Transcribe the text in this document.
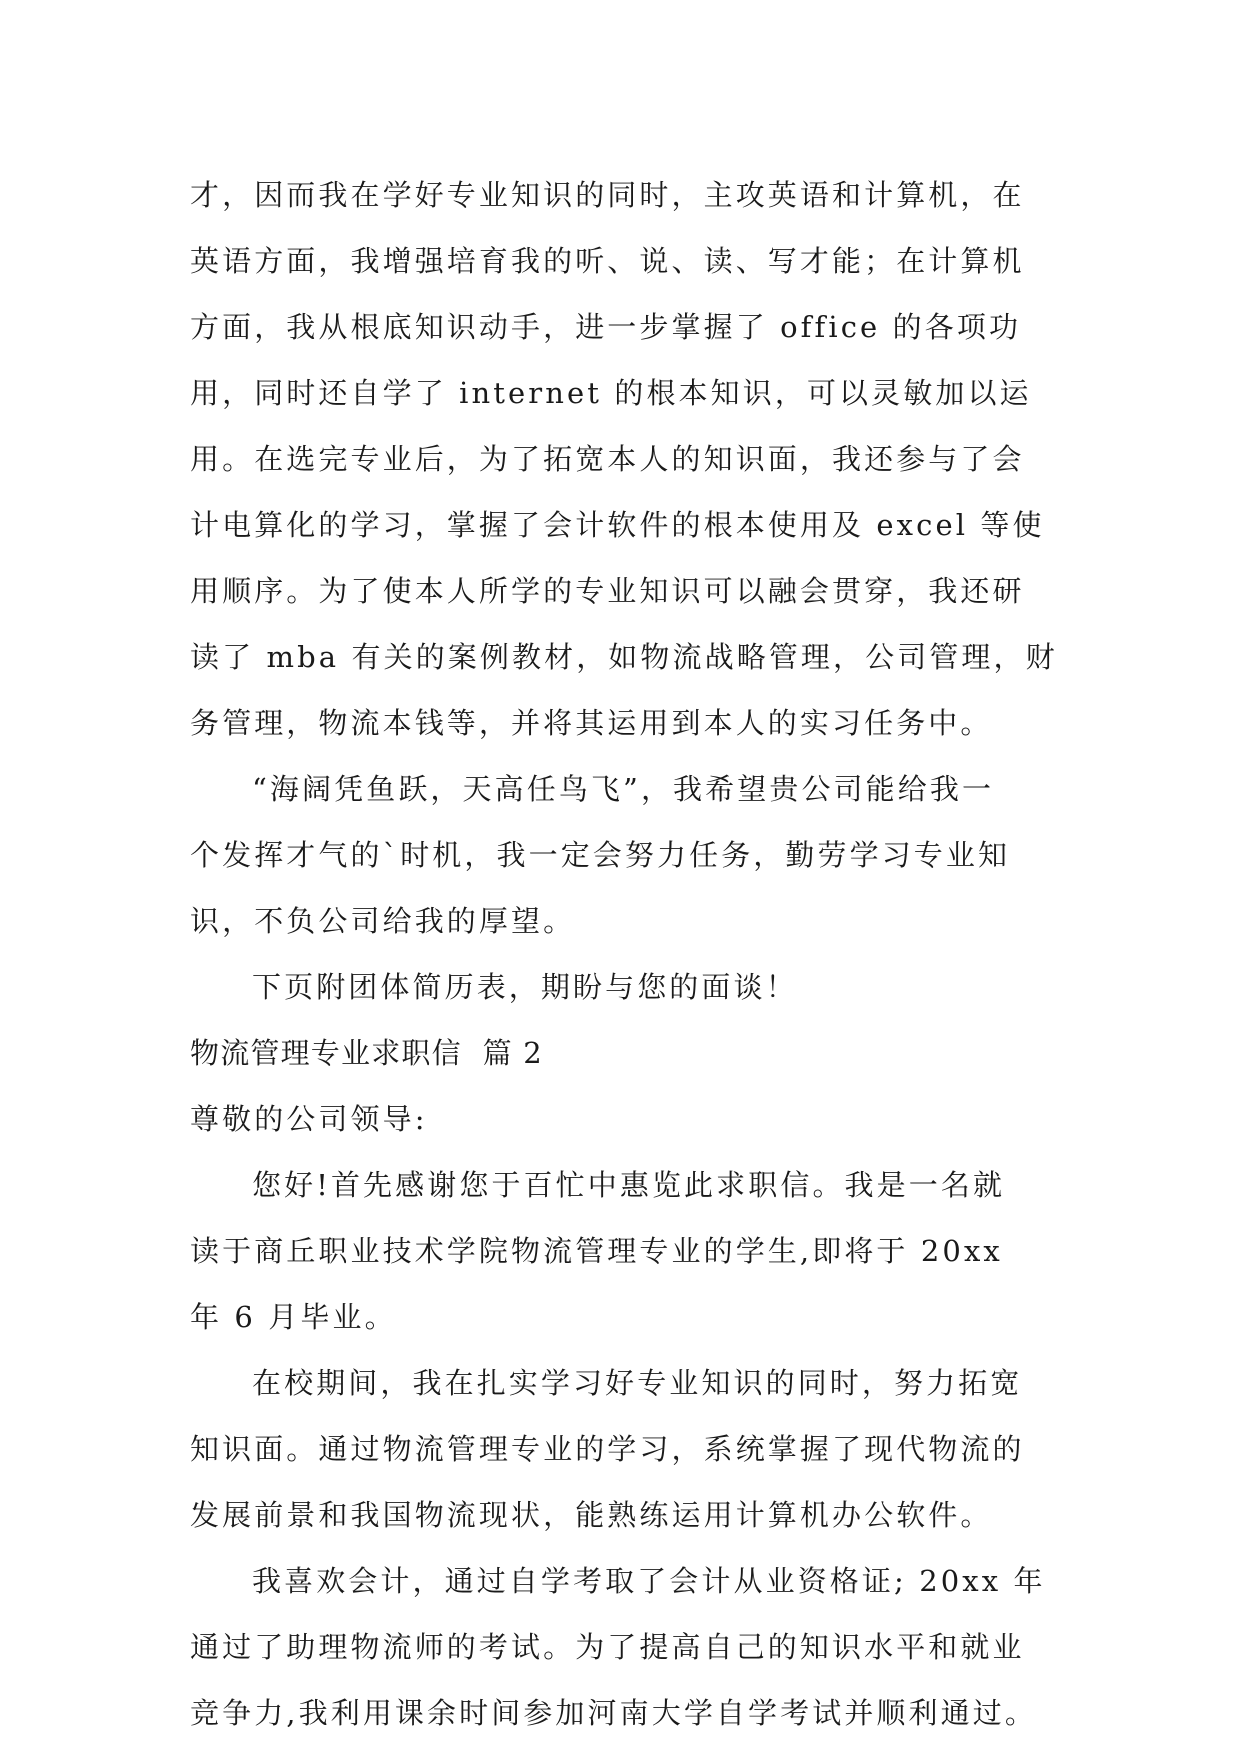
才，因而我在学好专业知识的同时，主攻英语和计算机，在
英语方面，我增强培育我的听、说、读、写才能；在计算机
方面，我从根底知识动手，进一步掌握了 office 的各项功
用，同时还自学了 internet 的根本知识，可以灵敏加以运
用。在选完专业后，为了拓宽本人的知识面，我还参与了会
计电算化的学习，掌握了会计软件的根本使用及 excel 等使
用顺序。为了使本人所学的专业知识可以融会贯穿，我还研
读了 mba 有关的案例教材，如物流战略管理，公司管理，财
务管理，物流本钱等，并将其运用到本人的实习任务中。
“海阔凭鱼跃，天高任鸟飞”，我希望贵公司能给我一
个发挥才气的`时机，我一定会努力任务，勤劳学习专业知
识，不负公司给我的厚望。
下页附团体简历表，期盼与您的面谈！
物流管理专业求职信  篇 2
尊敬的公司领导:
您好!首先感谢您于百忙中惠览此求职信。我是一名就
读于商丘职业技术学院物流管理专业的学生,即将于 20xx
年 6 月毕业。
在校期间，我在扎实学习好专业知识的同时，努力拓宽
知识面。通过物流管理专业的学习，系统掌握了现代物流的
发展前景和我国物流现状，能熟练运用计算机办公软件。
我喜欢会计，通过自学考取了会计从业资格证; 20xx 年
通过了助理物流师的考试。为了提高自己的知识水平和就业
竞争力,我利用课余时间参加河南大学自学考试并顺利通过。
